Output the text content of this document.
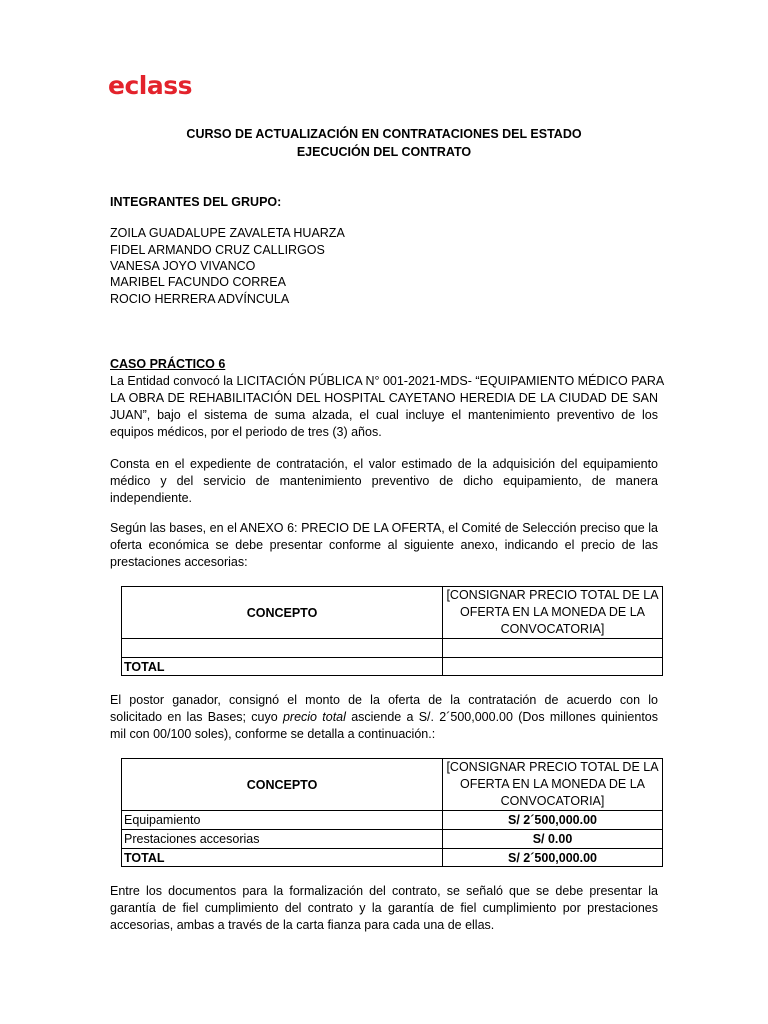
eclass
CURSO DE ACTUALIZACIÓN EN CONTRATACIONES DEL ESTADO
EJECUCIÓN DEL CONTRATO
INTEGRANTES DEL GRUPO:
ZOILA GUADALUPE ZAVALETA HUARZA
FIDEL ARMANDO CRUZ CALLIRGOS
VANESA JOYO VIVANCO
MARIBEL FACUNDO CORREA
ROCIO HERRERA ADVÍNCULA
CASO PRÁCTICO 6
La Entidad convocó la LICITACIÓN PÚBLICA N° 001-2021-MDS- “EQUIPAMIENTO MÉDICO PARA
LA OBRA DE REHABILITACIÓN DEL HOSPITAL CAYETANO HEREDIA DE LA CIUDAD DE SAN
JUAN”, bajo el sistema de suma alzada, el cual incluye el mantenimiento preventivo de los
equipos médicos, por el periodo de tres (3) años.
Consta en el expediente de contratación, el valor estimado de la adquisición del equipamiento
médico y del servicio de mantenimiento preventivo de dicho equipamiento, de manera
independiente.
Según las bases, en el ANEXO 6: PRECIO DE LA OFERTA, el Comité de Selección preciso que la
oferta económica se debe presentar conforme al siguiente anexo, indicando el precio de las
prestaciones accesorias:
CONCEPTO	[CONSIGNAR PRECIO TOTAL DE LA
OFERTA EN LA MONEDA DE LA
CONVOCATORIA]

TOTAL	
El postor ganador, consignó el monto de la oferta de la contratación de acuerdo con lo
solicitado en las Bases; cuyo precio total asciende a S/. 2´500,000.00 (Dos millones quinientos
mil con 00/100 soles), conforme se detalla a continuación.:
CONCEPTO	[CONSIGNAR PRECIO TOTAL DE LA
OFERTA EN LA MONEDA DE LA
CONVOCATORIA]

Equipamiento	S/ 2´500,000.00
Prestaciones accesorias	S/ 0.00
TOTAL	S/ 2´500,000.00
Entre los documentos para la formalización del contrato, se señaló que se debe presentar la
garantía de fiel cumplimiento del contrato y la garantía de fiel cumplimiento por prestaciones
accesorias, ambas a través de la carta fianza para cada una de ellas.
